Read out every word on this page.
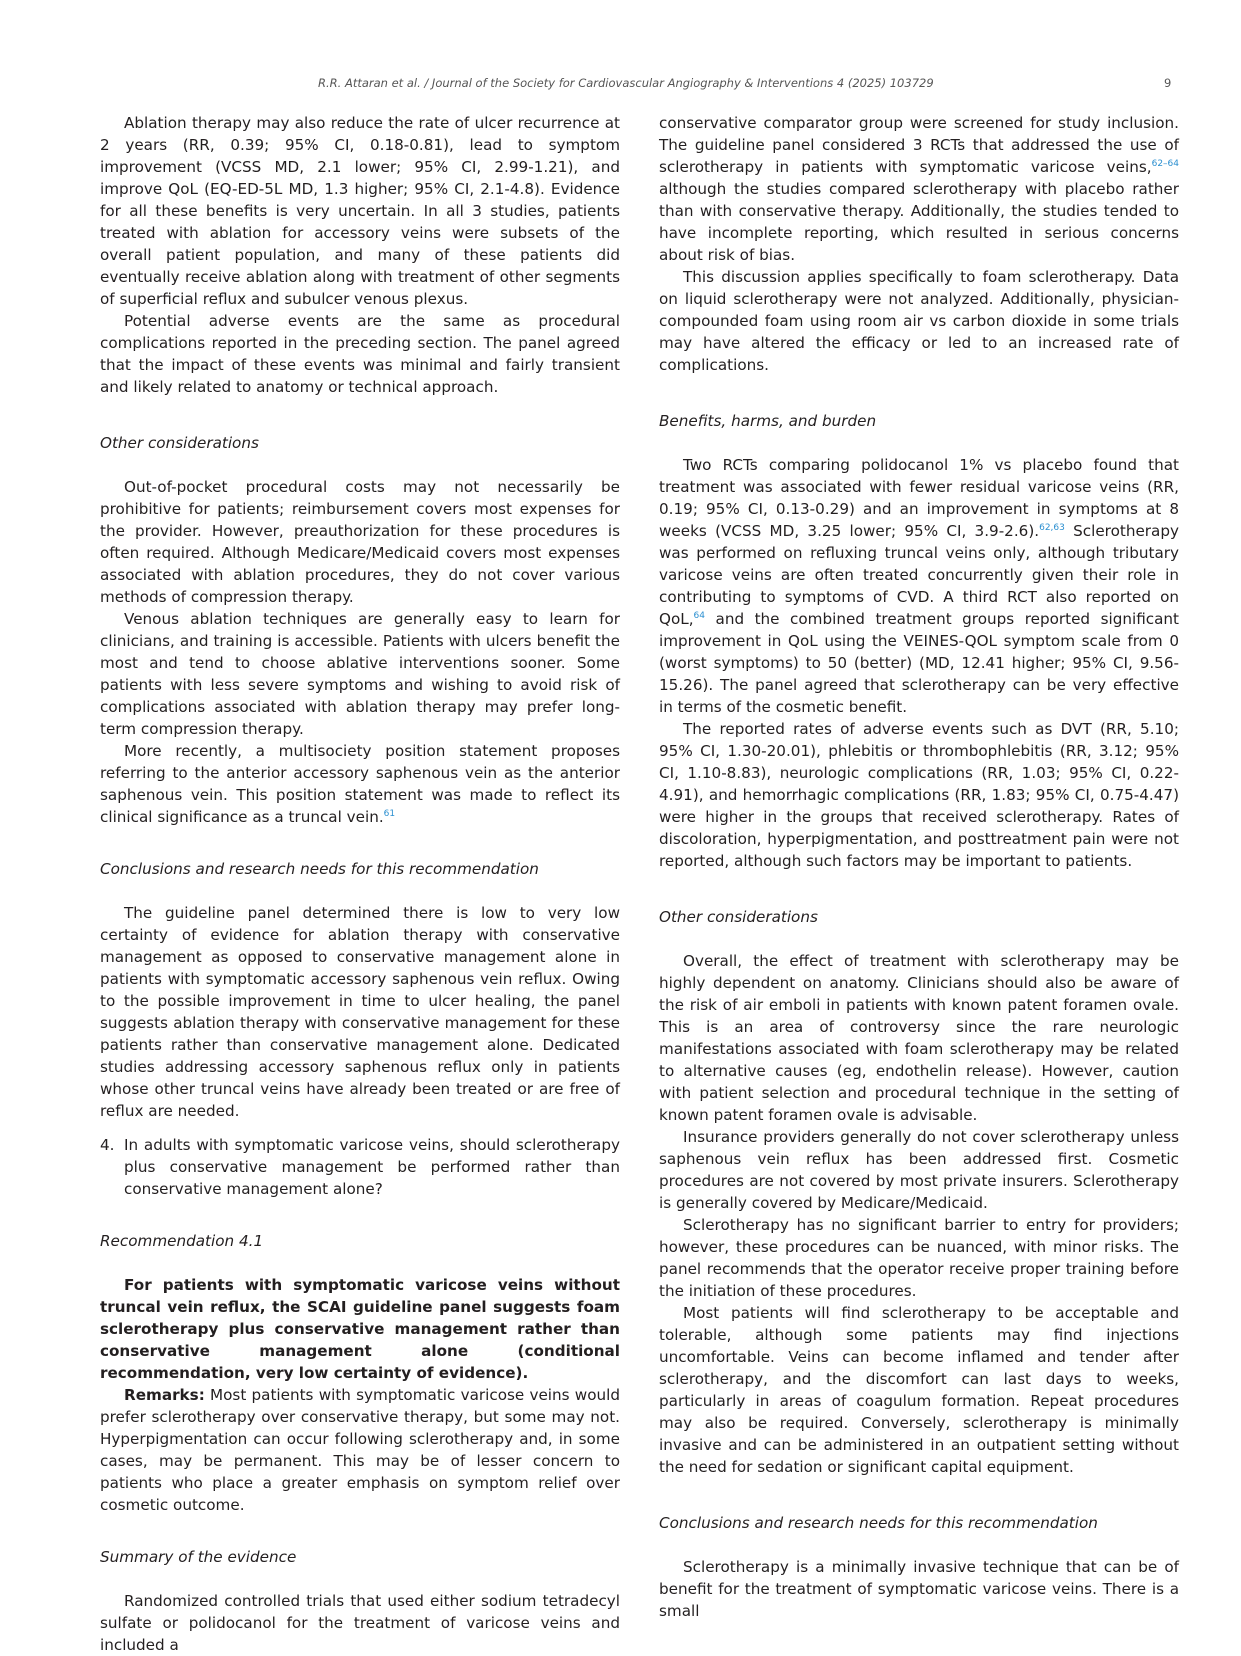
R.R. Attaran et al. / Journal of the Society for Cardiovascular Angiography & Interventions 4 (2025) 103729	9

Ablation therapy may also reduce the rate of ulcer recurrence at 2 years (RR, 0.39; 95% CI, 0.18-0.81), lead to symptom improvement (VCSS MD, 2.1 lower; 95% CI, 2.99-1.21), and improve QoL (EQ-ED-5L MD, 1.3 higher; 95% CI, 2.1-4.8). Evidence for all these benefits is very uncertain. In all 3 studies, patients treated with ablation for accessory veins were subsets of the overall patient population, and many of these patients did eventually receive ablation along with treatment of other segments of superficial reflux and subulcer venous plexus.

Potential adverse events are the same as procedural complications reported in the preceding section. The panel agreed that the impact of these events was minimal and fairly transient and likely related to anatomy or technical approach.

Other considerations

Out-of-pocket procedural costs may not necessarily be prohibitive for patients; reimbursement covers most expenses for the provider. However, preauthorization for these procedures is often required. Although Medicare/Medicaid covers most expenses associated with ablation procedures, they do not cover various methods of compression therapy.

Venous ablation techniques are generally easy to learn for clinicians, and training is accessible. Patients with ulcers benefit the most and tend to choose ablative interventions sooner. Some patients with less severe symptoms and wishing to avoid risk of complications associated with ablation therapy may prefer long-term compression therapy.

More recently, a multisociety position statement proposes referring to the anterior accessory saphenous vein as the anterior saphenous vein. This position statement was made to reflect its clinical significance as a truncal vein.$^{61}$

Conclusions and research needs for this recommendation

The guideline panel determined there is low to very low certainty of evidence for ablation therapy with conservative management as opposed to conservative management alone in patients with symptomatic accessory saphenous vein reflux. Owing to the possible improvement in time to ulcer healing, the panel suggests ablation therapy with conservative management for these patients rather than conservative management alone. Dedicated studies addressing accessory saphenous reflux only in patients whose other truncal veins have already been treated or are free of reflux are needed.

4. In adults with symptomatic varicose veins, should sclerotherapy plus conservative management be performed rather than conservative management alone?
Recommendation 4.1

For patients with symptomatic varicose veins without truncal vein reflux, the SCAI guideline panel suggests foam sclerotherapy plus conservative management rather than conservative management alone (conditional recommendation, very low certainty of evidence).

Remarks: Most patients with symptomatic varicose veins would prefer sclerotherapy over conservative therapy, but some may not. Hyperpigmentation can occur following sclerotherapy and, in some cases, may be permanent. This may be of lesser concern to patients who place a greater emphasis on symptom relief over cosmetic outcome.

Summary of the evidence

Randomized controlled trials that used either sodium tetradecyl sulfate or polidocanol for the treatment of varicose veins and included a

conservative comparator group were screened for study inclusion. The guideline panel considered 3 RCTs that addressed the use of sclerotherapy in patients with symptomatic varicose veins,$^{62-64}$ although the studies compared sclerotherapy with placebo rather than with conservative therapy. Additionally, the studies tended to have incomplete reporting, which resulted in serious concerns about risk of bias.

This discussion applies specifically to foam sclerotherapy. Data on liquid sclerotherapy were not analyzed. Additionally, physician-compounded foam using room air vs carbon dioxide in some trials may have altered the efficacy or led to an increased rate of complications.

Benefits, harms, and burden

Two RCTs comparing polidocanol 1% vs placebo found that treatment was associated with fewer residual varicose veins (RR, 0.19; 95% CI, 0.13-0.29) and an improvement in symptoms at 8 weeks (VCSS MD, 3.25 lower; 95% CI, 3.9-2.6).$^{62,63}$ Sclerotherapy was performed on refluxing truncal veins only, although tributary varicose veins are often treated concurrently given their role in contributing to symptoms of CVD. A third RCT also reported on QoL,$^{64}$ and the combined treatment groups reported significant improvement in QoL using the VEINES-QOL symptom scale from 0 (worst symptoms) to 50 (better) (MD, 12.41 higher; 95% CI, 9.56-15.26). The panel agreed that sclerotherapy can be very effective in terms of the cosmetic benefit.

The reported rates of adverse events such as DVT (RR, 5.10; 95% CI, 1.30-20.01), phlebitis or thrombophlebitis (RR, 3.12; 95% CI, 1.10-8.83), neurologic complications (RR, 1.03; 95% CI, 0.22-4.91), and hemorrhagic complications (RR, 1.83; 95% CI, 0.75-4.47) were higher in the groups that received sclerotherapy. Rates of discoloration, hyperpigmentation, and posttreatment pain were not reported, although such factors may be important to patients.

Other considerations

Overall, the effect of treatment with sclerotherapy may be highly dependent on anatomy. Clinicians should also be aware of the risk of air emboli in patients with known patent foramen ovale. This is an area of controversy since the rare neurologic manifestations associated with foam sclerotherapy may be related to alternative causes (eg, endothelin release). However, caution with patient selection and procedural technique in the setting of known patent foramen ovale is advisable.

Insurance providers generally do not cover sclerotherapy unless saphenous vein reflux has been addressed first. Cosmetic procedures are not covered by most private insurers. Sclerotherapy is generally covered by Medicare/Medicaid.

Sclerotherapy has no significant barrier to entry for providers; however, these procedures can be nuanced, with minor risks. The panel recommends that the operator receive proper training before the initiation of these procedures.

Most patients will find sclerotherapy to be acceptable and tolerable, although some patients may find injections uncomfortable. Veins can become inflamed and tender after sclerotherapy, and the discomfort can last days to weeks, particularly in areas of coagulum formation. Repeat procedures may also be required. Conversely, sclerotherapy is minimally invasive and can be administered in an outpatient setting without the need for sedation or significant capital equipment.

Conclusions and research needs for this recommendation

Sclerotherapy is a minimally invasive technique that can be of benefit for the treatment of symptomatic varicose veins. There is a small
